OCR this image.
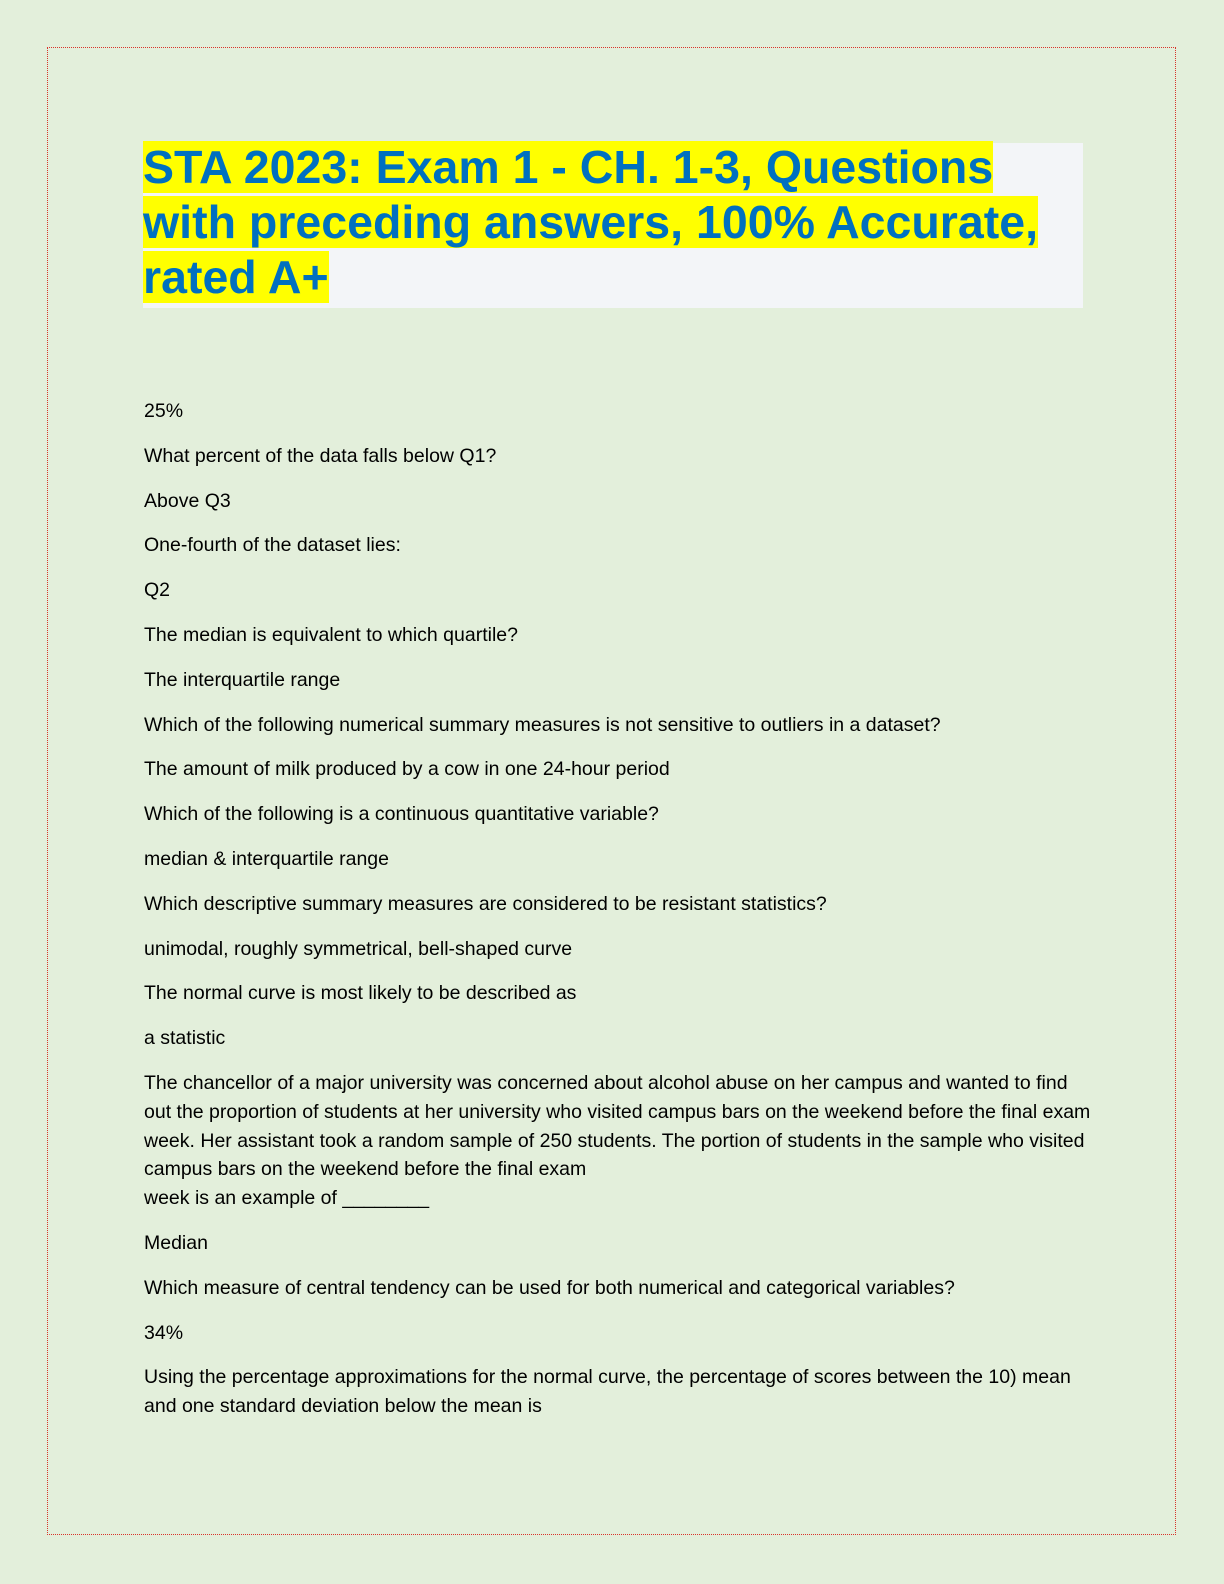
STA 2023: Exam 1 - CH. 1-3, Questions with preceding answers, 100% Accurate, rated A+

25%

What percent of the data falls below Q1?

Above Q3

One-fourth of the dataset lies:

Q2

The median is equivalent to which quartile?

The interquartile range

Which of the following numerical summary measures is not sensitive to outliers in a dataset?

The amount of milk produced by a cow in one 24-hour period

Which of the following is a continuous quantitative variable?

median & interquartile range

Which descriptive summary measures are considered to be resistant statistics?

unimodal, roughly symmetrical, bell-shaped curve

The normal curve is most likely to be described as

a statistic

The chancellor of a major university was concerned about alcohol abuse on her campus and wanted to find out the proportion of students at her university who visited campus bars on the weekend before the final exam week. Her assistant took a random sample of 250 students. The portion of students in the sample who visited campus bars on the weekend before the final exam
week is an example of ________

Median

Which measure of central tendency can be used for both numerical and categorical variables?

34%

Using the percentage approximations for the normal curve, the percentage of scores between the 10) mean and one standard deviation below the mean is
